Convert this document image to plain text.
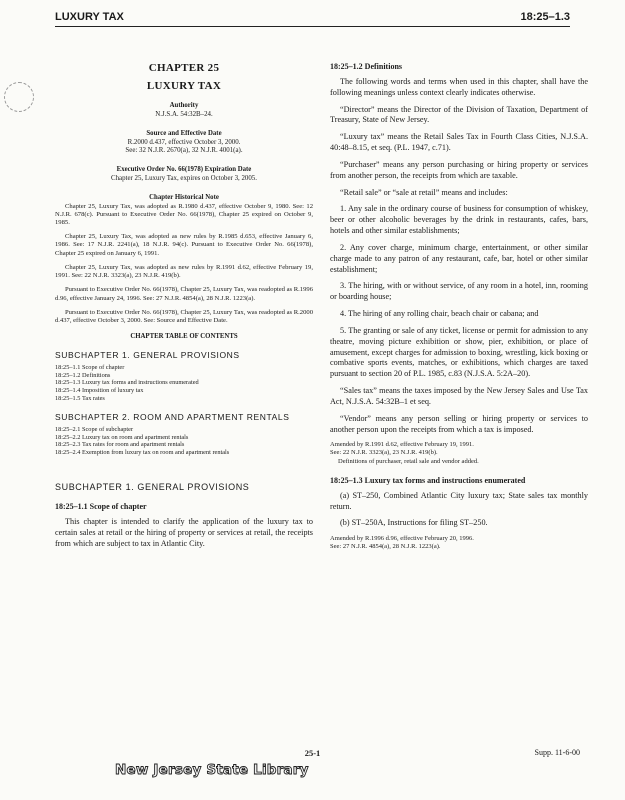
LUXURY TAX	18:25–1.3

CHAPTER 25

LUXURY TAX

Authority

N.J.S.A. 54:32B–24.

Source and Effective Date

R.2000 d.437, effective October 3, 2000.

See: 32 N.J.R. 2670(a), 32 N.J.R. 4001(a).

Executive Order No. 66(1978) Expiration Date

Chapter 25, Luxury Tax, expires on October 3, 2005.

Chapter Historical Note

Chapter 25, Luxury Tax, was adopted as R.1980 d.437, effective October 9, 1980. See: 12 N.J.R. 678(c). Pursuant to Executive Order No. 66(1978), Chapter 25 expired on October 9, 1985.

Chapter 25, Luxury Tax, was adopted as new rules by R.1985 d.653, effective January 6, 1986. See: 17 N.J.R. 2241(a), 18 N.J.R. 94(c). Pursuant to Executive Order No. 66(1978), Chapter 25 expired on January 6, 1991.

Chapter 25, Luxury Tax, was adopted as new rules by R.1991 d.62, effective February 19, 1991. See: 22 N.J.R. 3323(a), 23 N.J.R. 419(b).

Pursuant to Executive Order No. 66(1978), Chapter 25, Luxury Tax, was readopted as R.1996 d.96, effective January 24, 1996. See: 27 N.J.R. 4854(a), 28 N.J.R. 1223(a).

Pursuant to Executive Order No. 66(1978), Chapter 25, Luxury Tax, was readopted as R.2000 d.437, effective October 3, 2000. See: Source and Effective Date.

CHAPTER TABLE OF CONTENTS

SUBCHAPTER 1. GENERAL PROVISIONS

18:25–1.1	Scope of chapter
18:25–1.2	Definitions
18:25–1.3	Luxury tax forms and instructions enumerated
18:25–1.4	Imposition of luxury tax
18:25–1.5	Tax rates

SUBCHAPTER 2. ROOM AND APARTMENT RENTALS

18:25–2.1	Scope of subchapter
18:25–2.2	Luxury tax on room and apartment rentals
18:25–2.3	Tax rates for room and apartment rentals
18:25–2.4	Exemption from luxury tax on room and apartment rentals

SUBCHAPTER 1. GENERAL PROVISIONS

18:25–1.1 Scope of chapter

This chapter is intended to clarify the application of the luxury tax to certain sales at retail or the hiring of property or services at retail, the receipts from which are subject to tax in Atlantic City.

18:25–1.2 Definitions

The following words and terms when used in this chapter, shall have the following meanings unless context clearly indicates otherwise.

“Director” means the Director of the Division of Taxation, Department of Treasury, State of New Jersey.

“Luxury tax” means the Retail Sales Tax in Fourth Class Cities, N.J.S.A. 40:48–8.15, et seq. (P.L. 1947, c.71).

“Purchaser” means any person purchasing or hiring property or services from another person, the receipts from which are taxable.

“Retail sale” or “sale at retail” means and includes:

1. Any sale in the ordinary course of business for consumption of whiskey, beer or other alcoholic beverages by the drink in restaurants, cafes, bars, hotels and other similar establishments;

2. Any cover charge, minimum charge, entertainment, or other similar charge made to any patron of any restaurant, cafe, bar, hotel or other similar establishment;

3. The hiring, with or without service, of any room in a hotel, inn, rooming or boarding house;

4. The hiring of any rolling chair, beach chair or cabana; and

5. The granting or sale of any ticket, license or permit for admission to any theatre, moving picture exhibition or show, pier, exhibition, or place of amusement, except charges for admission to boxing, wrestling, kick boxing or combative sports events, matches, or exhibitions, which charges are taxed pursuant to section 20 of P.L. 1985, c.83 (N.J.S.A. 5:2A–20).

“Sales tax” means the taxes imposed by the New Jersey Sales and Use Tax Act, N.J.S.A. 54:32B–1 et seq.

“Vendor” means any person selling or hiring property or services to another person upon the receipts from which a tax is imposed.

Amended by R.1991 d.62, effective February 19, 1991.
See: 22 N.J.R. 3323(a), 23 N.J.R. 419(b).
Definitions of purchaser, retail sale and vendor added.

18:25–1.3 Luxury tax forms and instructions enumerated

(a) ST–250, Combined Atlantic City luxury tax; State sales tax monthly return.

(b) ST–250A, Instructions for filing ST–250.

Amended by R.1996 d.96, effective February 20, 1996.
See: 27 N.J.R. 4854(a), 28 N.J.R. 1223(a).
25-1	Supp. 11-6-00
New Jersey State Library
